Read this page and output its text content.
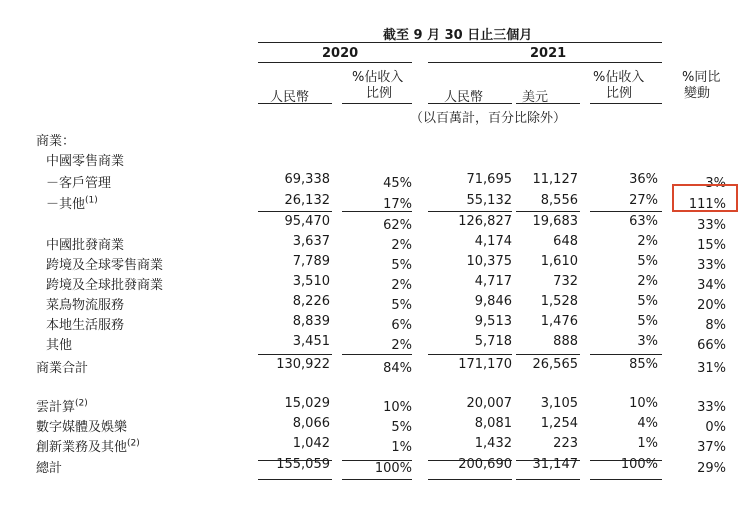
截至 9 月 30 日止三個月
2020	2021
%佔收入
比例
%佔收入
比例
%同比
變動
人民幣	人民幣	美元
（以百萬計，百分比除外）
商業：
中國零售商業
－客戶管理	69,338	45%	71,695 11,127	36%	3%
－其他$^{(1)}$	26,132	17%	55,132 8,556	27% 111%
95,470	62%	126,827 19,683	63%	33%
中國批發商業	3,637	2%	4,174	648	2%	15%
跨境及全球零售商業	7,789	5%	10,375 1,610	5%	33%
跨境及全球批發商業	3,510	2%	4,717	732	2%	34%
菜鳥物流服務	8,226	5%	9,846 1,528	5%	20%
本地生活服務	8,839	6%	9,513 1,476	5%	8%
其他	3,451	2%	5,718	888	3%	66%
商業合計	130,922	84%	171,170 26,565	85%	31%
雲計算$^{(2)}$	15,029	10%	20,007 3,105	10%	33%
數字媒體及娛樂	8,066	5%	8,081 1,254	4%	0%
創新業務及其他$^{(2)}$	1,042	1%	1,432	223	1%	37%
總計	155,059	100%	200,690 31,147	100%	29%
